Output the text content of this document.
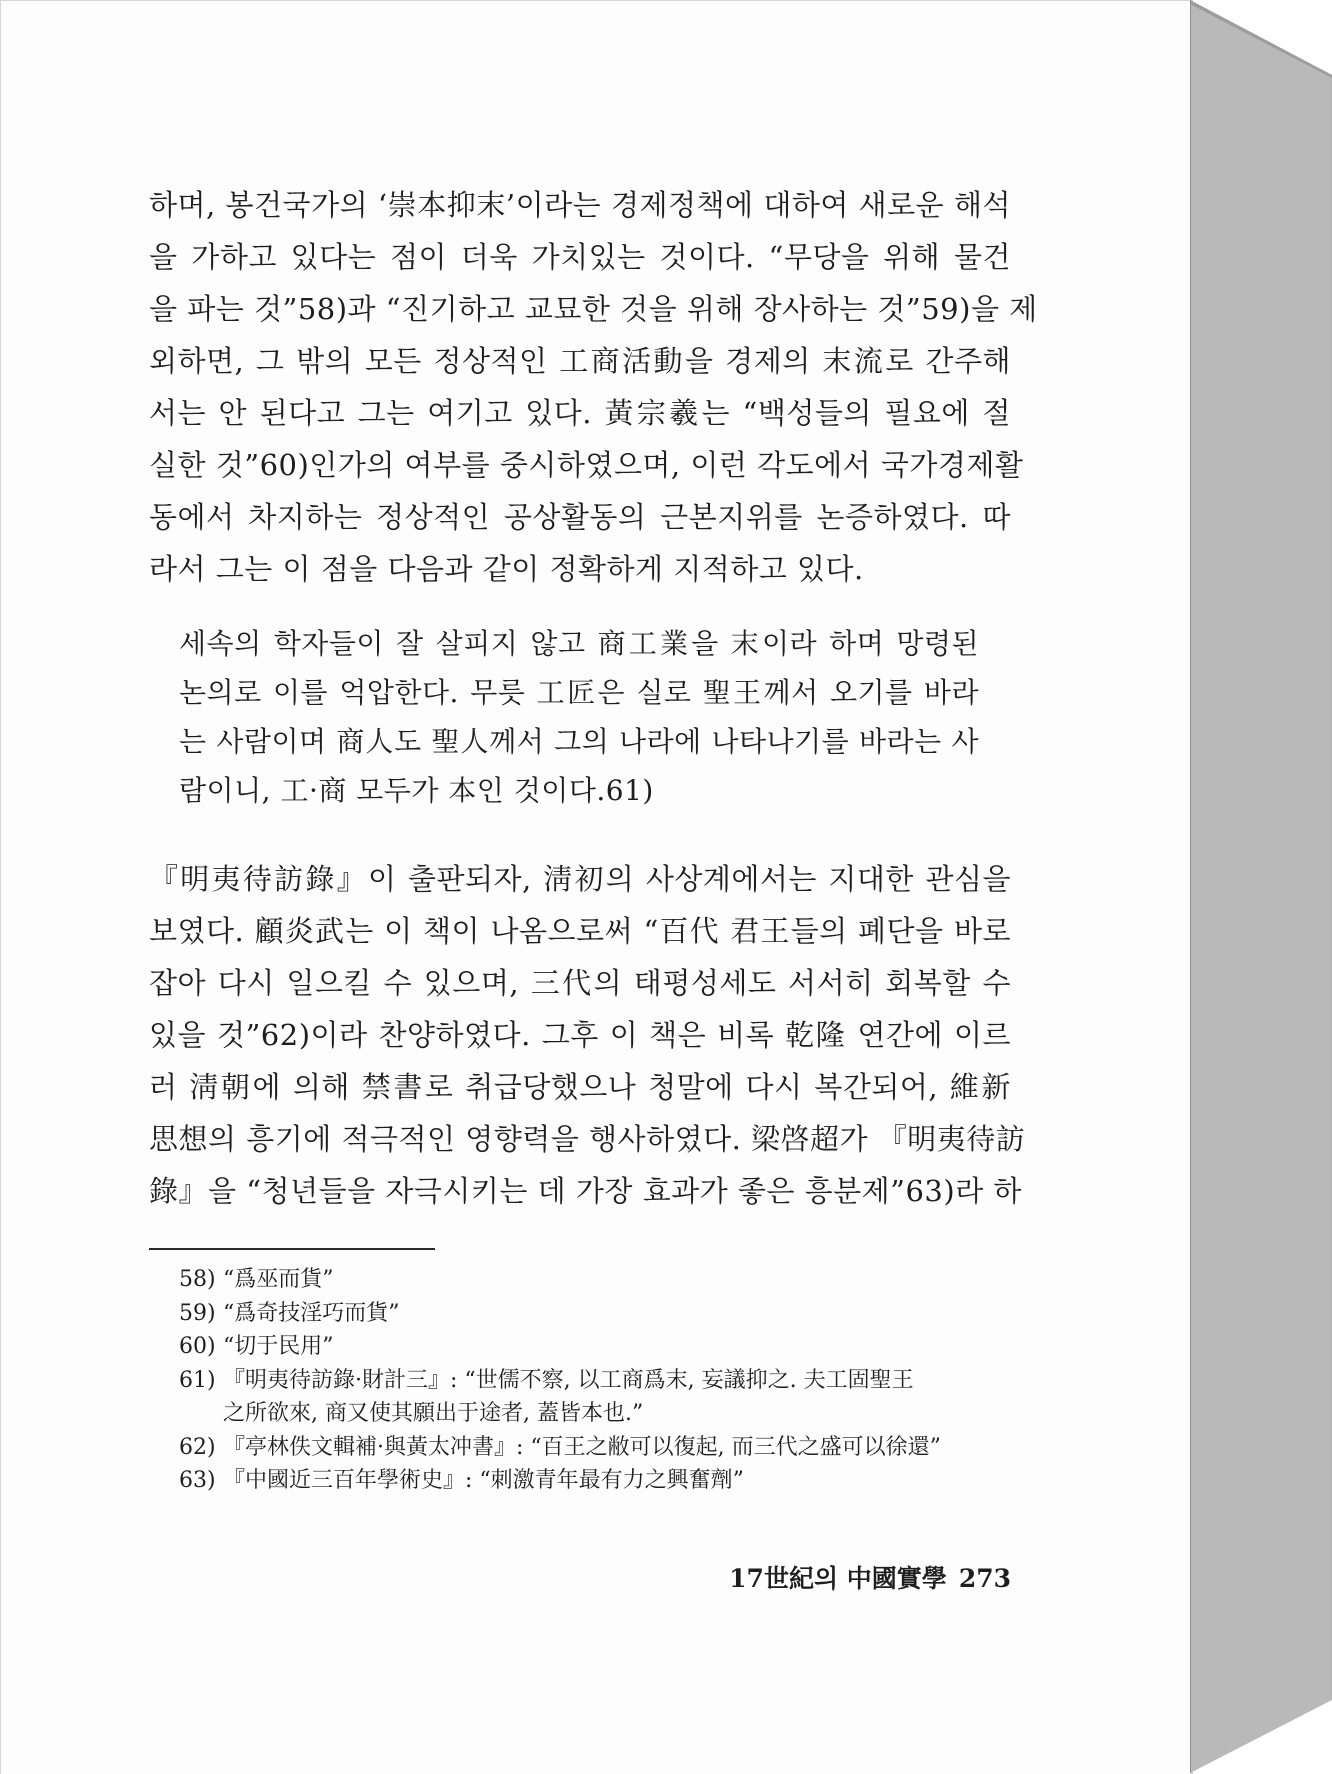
하며, 봉건국가의 ‘崇本抑末’이라는 경제정책에 대하여 새로운 해석
을 가하고 있다는 점이 더욱 가치있는 것이다. “무당을 위해 물건
을 파는 것”58)과 “진기하고 교묘한 것을 위해 장사하는 것”59)을 제
외하면, 그 밖의 모든 정상적인 工商活動을 경제의 末流로 간주해
서는 안 된다고 그는 여기고 있다. 黃宗羲는 “백성들의 필요에 절
실한 것”60)인가의 여부를 중시하였으며, 이런 각도에서 국가경제활
동에서 차지하는 정상적인 공상활동의 근본지위를 논증하였다. 따
라서 그는 이 점을 다음과 같이 정확하게 지적하고 있다.
세속의 학자들이 잘 살피지 않고 商工業을 末이라 하며 망령된
논의로 이를 억압한다. 무릇 工匠은 실로 聖王께서 오기를 바라
는 사람이며 商人도 聖人께서 그의 나라에 나타나기를 바라는 사
람이니, 工·商 모두가 本인 것이다.61)
『明夷待訪錄』이 출판되자, 淸初의 사상계에서는 지대한 관심을
보였다. 顧炎武는 이 책이 나옴으로써 “百代 君王들의 폐단을 바로
잡아 다시 일으킬 수 있으며, 三代의 태평성세도 서서히 회복할 수
있을 것”62)이라 찬양하였다. 그후 이 책은 비록 乾隆 연간에 이르
러 淸朝에 의해 禁書로 취급당했으나 청말에 다시 복간되어, 維新
思想의 흥기에 적극적인 영향력을 행사하였다. 梁啓超가 『明夷待訪
錄』을 “청년들을 자극시키는 데 가장 효과가 좋은 흥분제”63)라 하
58) “爲巫而貨”
59) “爲奇技淫巧而貨”
60) “切于民用”
61) 『明夷待訪錄·財計三』: “世儒不察, 以工商爲末, 妄議抑之. 夫工固聖王
之所欲來, 商又使其願出于途者, 蓋皆本也.”
62) 『亭林佚文輯補·與黃太冲書』: “百王之敝可以復起, 而三代之盛可以徐還”
63) 『中國近三百年學術史』: “刺激青年最有力之興奮劑”
17世紀의 中國實學 273
